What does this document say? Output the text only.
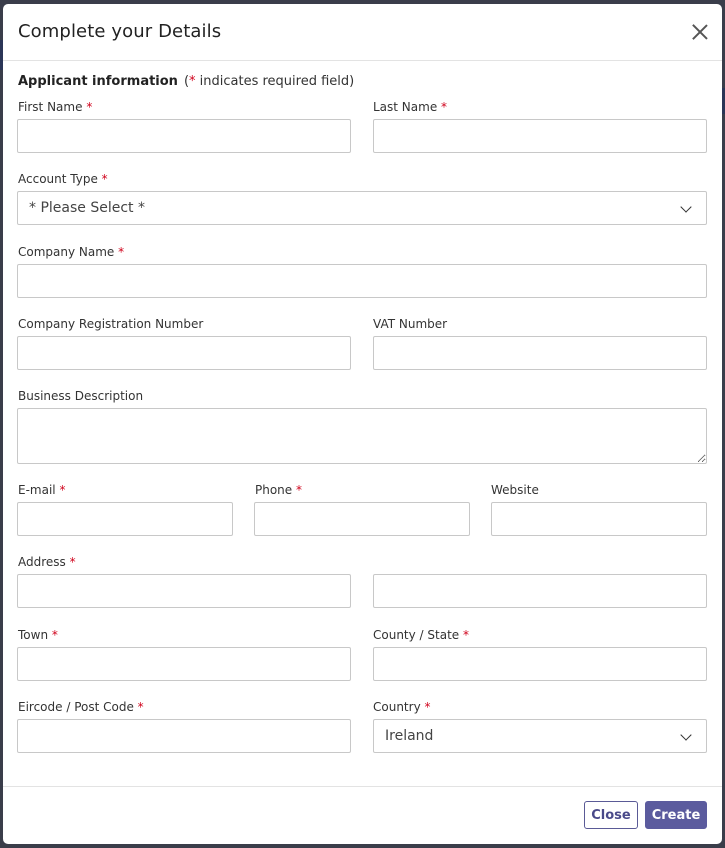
Complete your Details
Applicant information (* indicates required field)
First Name *	Last Name *
Account Type *
* Please Select *
Company Name *
Company Registration Number	VAT Number
Business Description
E-mail *	Phone *	Website
Address *
Town *	County / State *
Eircode / Post Code *	Country *
Ireland
Close	Create
